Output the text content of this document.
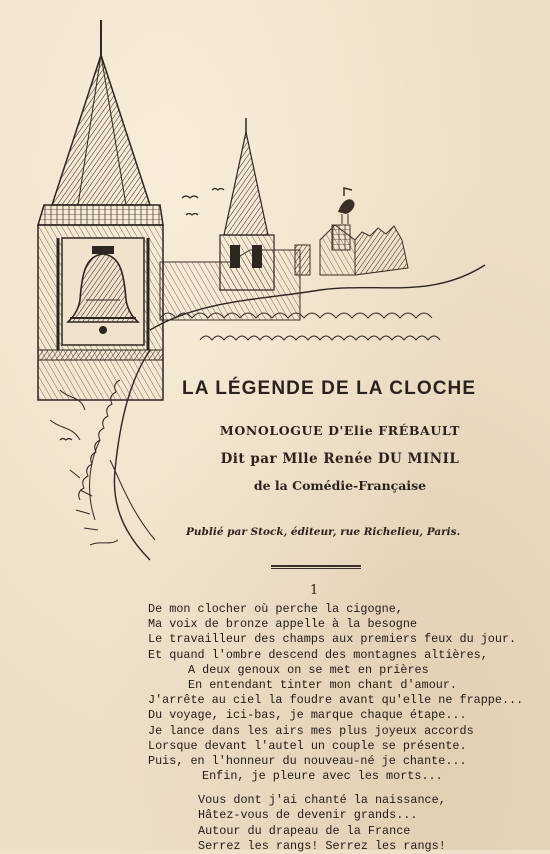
LA LÉGENDE DE LA CLOCHE
MONOLOGUE D'Elie FRÉBAULT
Dit par Mlle Renée DU MINIL
de la Comédie-Française
Publié par Stock, éditeur, rue Richelieu, Paris.
1
De mon clocher où perche la cigogne,
Ma voix de bronze appelle à la besogne
Le travailleur des champs aux premiers feux du jour.
Et quand l'ombre descend des montagnes altières,
A deux genoux on se met en prières
En entendant tinter mon chant d'amour.
J'arrête au ciel la foudre avant qu'elle ne frappe...
Du voyage, ici-bas, je marque chaque étape...
Je lance dans les airs mes plus joyeux accords
Lorsque devant l'autel un couple se présente.
Puis, en l'honneur du nouveau-né je chante...
Enfin, je pleure avec les morts...
Vous dont j'ai chanté la naissance,
Hâtez-vous de devenir grands...
Autour du drapeau de la France
Serrez les rangs! Serrez les rangs!
